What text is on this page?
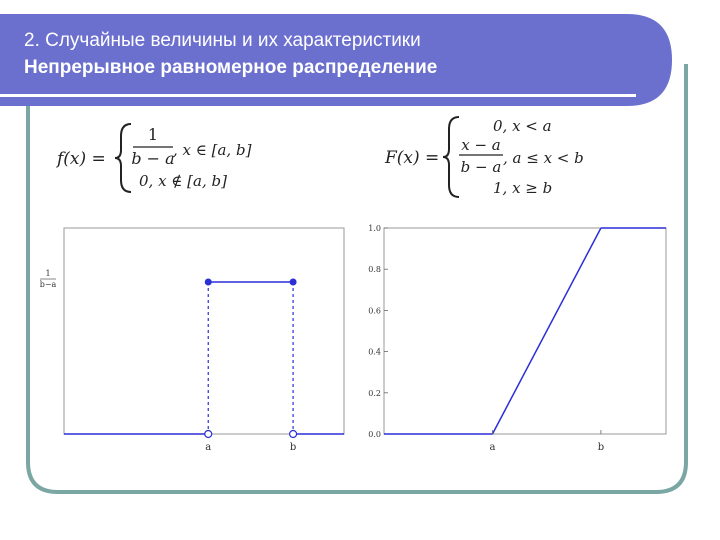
2. Случайные величины и их характеристики
Непрерывное равномерное распределение
f(x) =
1
b − a
, x ∈ [a, b]
0, x ∉ [a, b]
F(x) =
0, x < a
x − a
b − a , a ≤ x < b
1, x ≥ b
1
b−a
a	b
0.0
0.2
0.4
0.6
0.8
1.0
a	b
